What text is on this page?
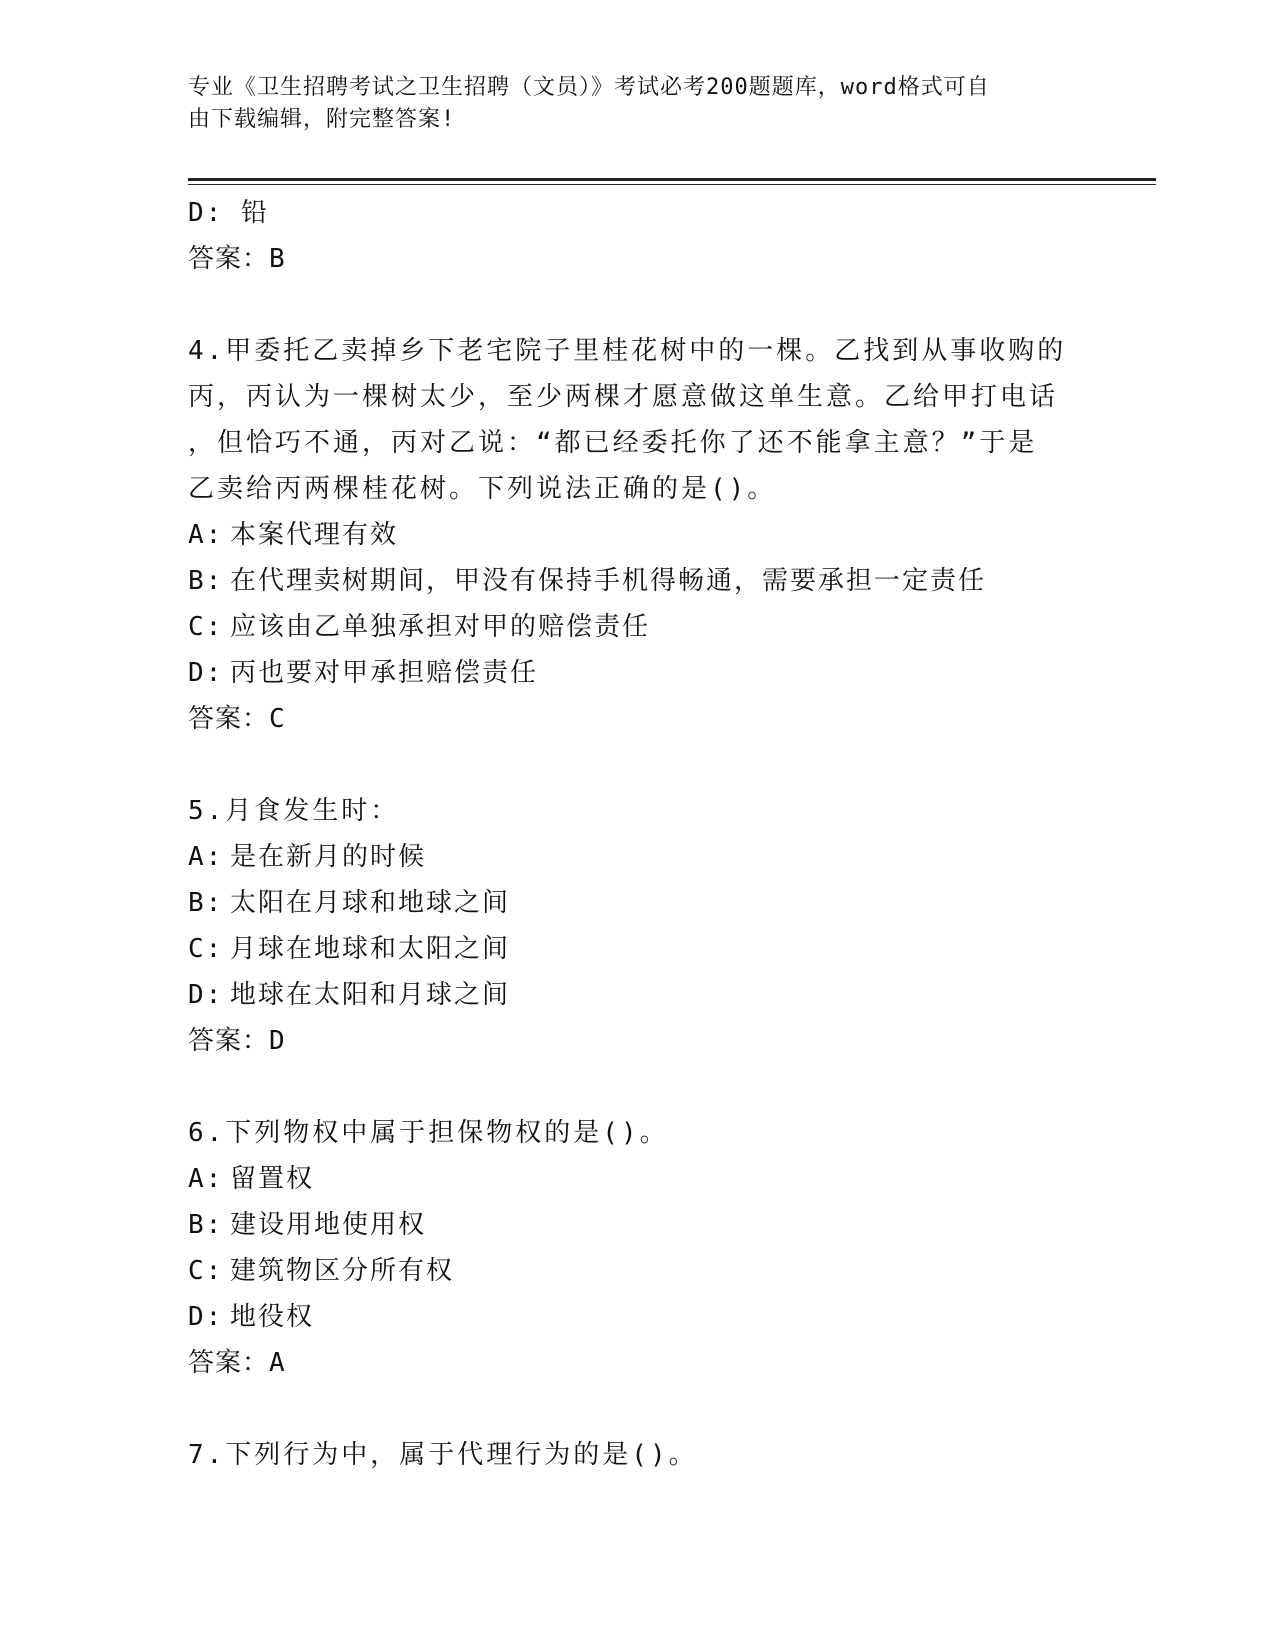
专业《卫生招聘考试之卫生招聘（文员）》考试必考200题题库，word格式可自
由下载编辑，附完整答案!
D: 铅
答案：B
4.甲委托乙卖掉乡下老宅院子里桂花树中的一棵。乙找到从事收购的
丙，丙认为一棵树太少，至少两棵才愿意做这单生意。乙给甲打电话
，但恰巧不通，丙对乙说：“都已经委托你了还不能拿主意？”于是
乙卖给丙两棵桂花树。下列说法正确的是()。
A: 本案代理有效
B: 在代理卖树期间，甲没有保持手机得畅通，需要承担一定责任
C: 应该由乙单独承担对甲的赔偿责任
D: 丙也要对甲承担赔偿责任
答案：C
5.月食发生时：
A: 是在新月的时候
B: 太阳在月球和地球之间
C: 月球在地球和太阳之间
D: 地球在太阳和月球之间
答案：D
6.下列物权中属于担保物权的是()。
A: 留置权
B: 建设用地使用权
C: 建筑物区分所有权
D: 地役权
答案：A
7.下列行为中，属于代理行为的是()。
